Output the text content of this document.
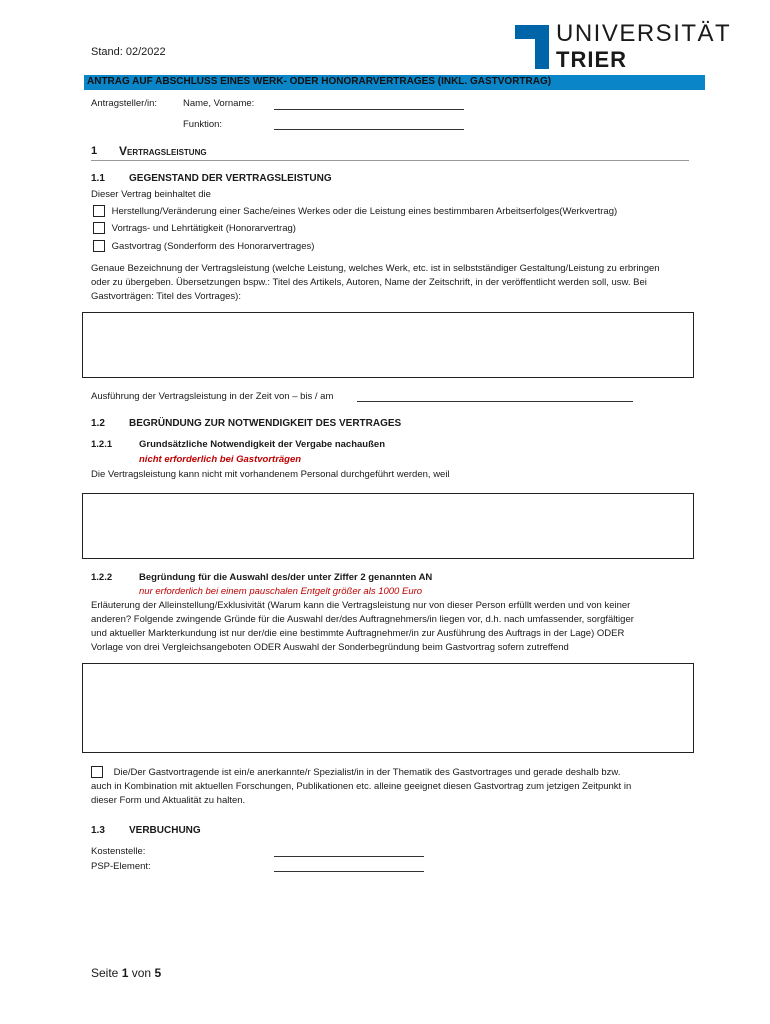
Stand: 02/2022
UNIVERSITÄT
TRIER
ANTRAG AUF ABSCHLUSS EINES WERK- ODER HONORARVERTRAGES (INKL. GASTVORTRAG)
Antragsteller/in:	Name, Vorname:
Funktion:
1 Vertragsleistung
1.1 GEGENSTAND DER VERTRAGSLEISTUNG
Dieser Vertrag beinhaltet die
Herstellung/Veränderung einer Sache/eines Werkes oder die Leistung eines bestimmbaren Arbeitserfolges(Werkvertrag)
Vortrags- und Lehrtätigkeit (Honorarvertrag)
Gastvortrag (Sonderform des Honorarvertrages)
Genaue Bezeichnung der Vertragsleistung (welche Leistung, welches Werk, etc. ist in selbstständiger Gestaltung/Leistung zu erbringen
oder zu übergeben. Übersetzungen bspw.: Titel des Artikels, Autoren, Name der Zeitschrift, in der veröffentlicht werden soll, usw. Bei
Gastvorträgen: Titel des Vortrages):
Ausführung der Vertragsleistung in der Zeit von – bis / am
1.2 BEGRÜNDUNG ZUR NOTWENDIGKEIT DES VERTRAGES
1.2.1	Grundsätzliche Notwendigkeit der Vergabe nachaußen
nicht erforderlich bei Gastvorträgen
Die Vertragsleistung kann nicht mit vorhandenem Personal durchgeführt werden, weil
1.2.2	Begründung für die Auswahl des/der unter Ziffer 2 genannten AN
nur erforderlich bei einem pauschalen Entgelt größer als 1000 Euro
Erläuterung der Alleinstellung/Exklusivität (Warum kann die Vertragsleistung nur von dieser Person erfüllt werden und von keiner
anderen? Folgende zwingende Gründe für die Auswahl der/des Auftragnehmers/in liegen vor, d.h. nach umfassender, sorgfältiger
und aktueller Markterkundung ist nur der/die eine bestimmte Auftragnehmer/in zur Ausführung des Auftrags in der Lage) ODER
Vorlage von drei Vergleichsangeboten ODER Auswahl der Sonderbegründung beim Gastvortrag sofern zutreffend
Die/Der Gastvortragende ist ein/e anerkannte/r Spezialist/in in der Thematik des Gastvortrages und gerade deshalb bzw.
auch in Kombination mit aktuellen Forschungen, Publikationen etc. alleine geeignet diesen Gastvortrag zum jetzigen Zeitpunkt in
dieser Form und Aktualität zu halten.
1.3 VERBUCHUNG
Kostenstelle:
PSP-Element:
Seite 1 von 5
